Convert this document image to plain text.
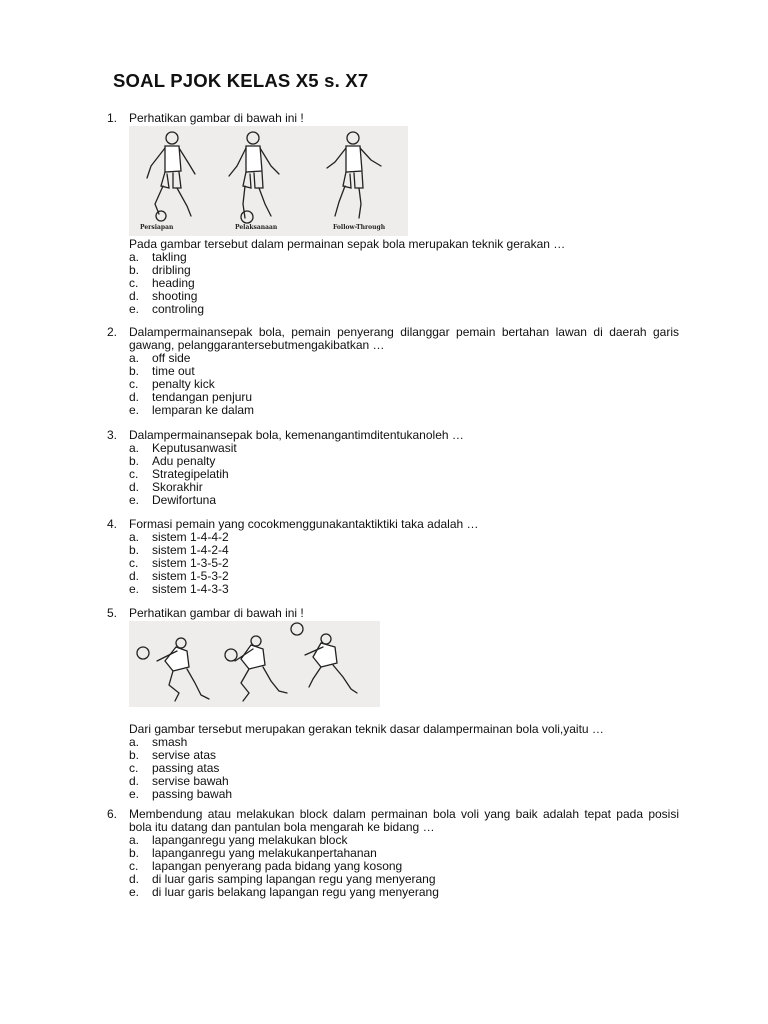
SOAL PJOK KELAS X5 s. X7
1. Perhatikan gambar di bawah ini !
Persiapan	Pelaksanaan	Follow-Through
Pada gambar tersebut dalam permainan sepak bola merupakan teknik gerakan …
a. takling
b. dribling
c. heading
d. shooting
e. controling
2. Dalampermainansepak bola, pemain penyerang dilanggar pemain bertahan lawan di daerah garis gawang, pelanggarantersebutmengakibatkan …
a. off side
b. time out
c. penalty kick
d. tendangan penjuru
e. lemparan ke dalam
3. Dalampermainansepak bola, kemenangantimditentukanoleh …
a. Keputusanwasit
b. Adu penalty
c. Strategipelatih
d. Skorakhir
e. Dewifortuna
4. Formasi pemain yang cocokmenggunakantaktiktiki taka adalah …
a. sistem 1-4-4-2
b. sistem 1-4-2-4
c. sistem 1-3-5-2
d. sistem 1-5-3-2
e. sistem 1-4-3-3
5. Perhatikan gambar di bawah ini !
Dari gambar tersebut merupakan gerakan teknik dasar dalampermainan bola voli,yaitu …
a. smash
b. servise atas
c. passing atas
d. servise bawah
e. passing bawah
6. Membendung atau melakukan block dalam permainan bola voli yang baik adalah tepat pada posisi bola itu datang dan pantulan bola mengarah ke bidang …
a. lapanganregu yang melakukan block
b. lapanganregu yang melakukanpertahanan
c. lapangan penyerang pada bidang yang kosong
d. di luar garis samping lapangan regu yang menyerang
e. di luar garis belakang lapangan regu yang menyerang
